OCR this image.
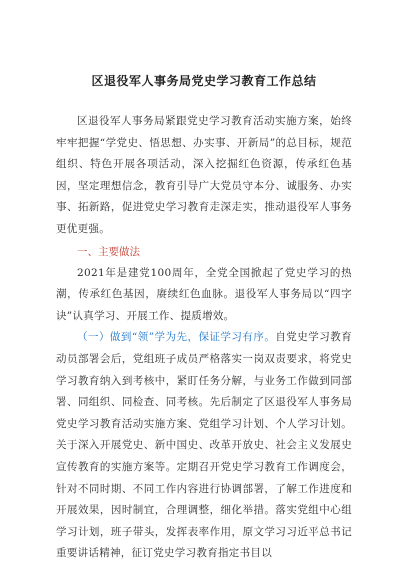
区退役军人事务局党史学习教育工作总结

区退役军人事务局紧跟党史学习教育活动实施方案，始终牢牢把握“学党史、悟思想、办实事、开新局”的总目标，规范组织、特色开展各项活动，深入挖掘红色资源，传承红色基因，坚定理想信念，教育引导广大党员守本分、诚服务、办实事、拓新路，促进党史学习教育走深走实，推动退役军人事务更优更强。

一、主要做法

2021年是建党100周年，全党全国掀起了党史学习的热潮，传承红色基因，赓续红色血脉。退役军人事务局以“四字诀”认真学习、开展工作、提质增效。

（一）做到“领”学为先，保证学习有序。自党史学习教育动员部署会后，党组班子成员严格落实一岗双责要求，将党史学习教育纳入到考核中，紧盯任务分解，与业务工作做到同部署、同组织、同检查、同考核。先后制定了区退役军人事务局党史学习教育活动实施方案、党组学习计划、个人学习计划。关于深入开展党史、新中国史、改革开放史、社会主义发展史宣传教育的实施方案等。定期召开党史学习教育工作调度会，针对不同时期、不同工作内容进行协调部署，了解工作进度和开展效果，因时制宜，合理调整，细化举措。落实党组中心组学习计划，班子带头，发挥表率作用，原文学习习近平总书记重要讲话精神，征订党史学习教育指定书目以
